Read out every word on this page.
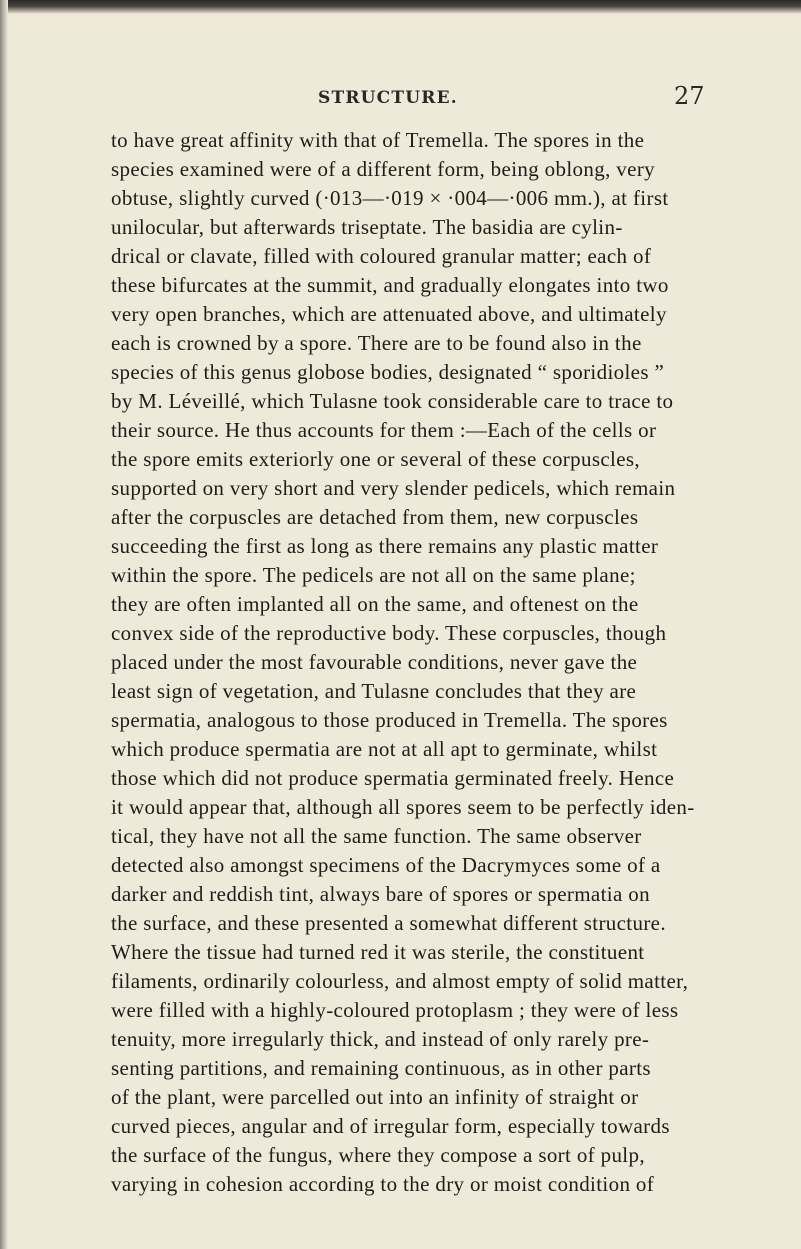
STRUCTURE.	27
to have great affinity with that of Tremella. The spores in the
species examined were of a different form, being oblong, very
obtuse, slightly curved (·013—·019 × ·004—·006 mm.), at first
unilocular, but afterwards triseptate. The basidia are cylin-
drical or clavate, filled with coloured granular matter; each of
these bifurcates at the summit, and gradually elongates into two
very open branches, which are attenuated above, and ultimately
each is crowned by a spore. There are to be found also in the
species of this genus globose bodies, designated “ sporidioles ”
by M. Léveillé, which Tulasne took considerable care to trace to
their source. He thus accounts for them :—Each of the cells or
the spore emits exteriorly one or several of these corpuscles,
supported on very short and very slender pedicels, which remain
after the corpuscles are detached from them, new corpuscles
succeeding the first as long as there remains any plastic matter
within the spore. The pedicels are not all on the same plane;
they are often implanted all on the same, and oftenest on the
convex side of the reproductive body. These corpuscles, though
placed under the most favourable conditions, never gave the
least sign of vegetation, and Tulasne concludes that they are
spermatia, analogous to those produced in Tremella. The spores
which produce spermatia are not at all apt to germinate, whilst
those which did not produce spermatia germinated freely. Hence
it would appear that, although all spores seem to be perfectly iden-
tical, they have not all the same function. The same observer
detected also amongst specimens of the Dacrymyces some of a
darker and reddish tint, always bare of spores or spermatia on
the surface, and these presented a somewhat different structure.
Where the tissue had turned red it was sterile, the constituent
filaments, ordinarily colourless, and almost empty of solid matter,
were filled with a highly-coloured protoplasm ; they were of less
tenuity, more irregularly thick, and instead of only rarely pre-
senting partitions, and remaining continuous, as in other parts
of the plant, were parcelled out into an infinity of straight or
curved pieces, angular and of irregular form, especially towards
the surface of the fungus, where they compose a sort of pulp,
varying in cohesion according to the dry or moist condition of
